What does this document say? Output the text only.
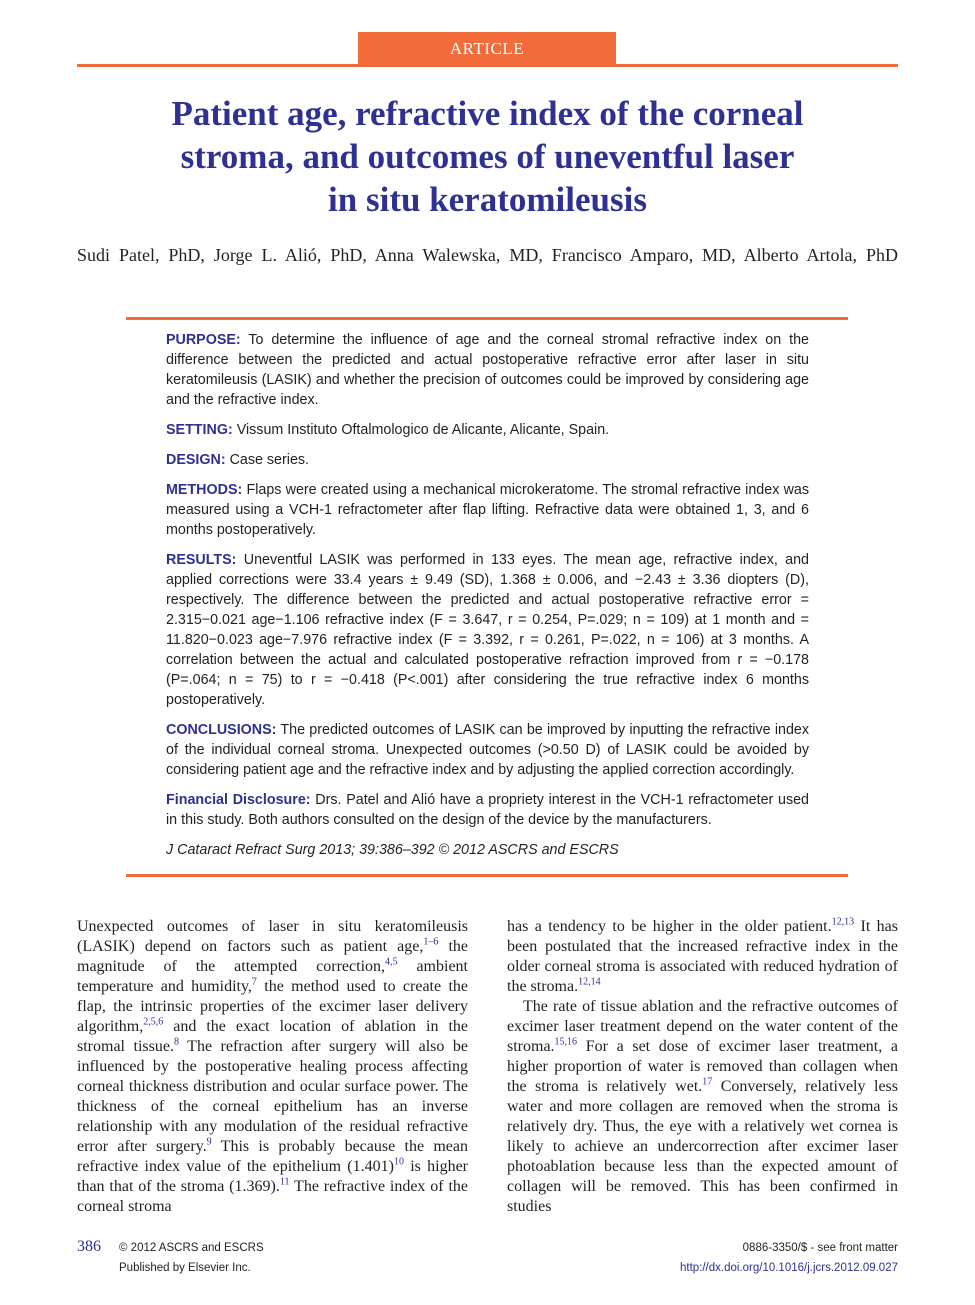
ARTICLE
Patient age, refractive index of the corneal
stroma, and outcomes of uneventful laser
in situ keratomileusis
Sudi Patel, PhD, Jorge L. Alió, PhD, Anna Walewska, MD, Francisco Amparo, MD, Alberto Artola, PhD

PURPOSE: To determine the influence of age and the corneal stromal refractive index on the difference between the predicted and actual postoperative refractive error after laser in situ keratomileusis (LASIK) and whether the precision of outcomes could be improved by considering age and the refractive index.

SETTING: Vissum Instituto Oftalmologico de Alicante, Alicante, Spain.

DESIGN: Case series.

METHODS: Flaps were created using a mechanical microkeratome. The stromal refractive index was measured using a VCH-1 refractometer after flap lifting. Refractive data were obtained 1, 3, and 6 months postoperatively.

RESULTS: Uneventful LASIK was performed in 133 eyes. The mean age, refractive index, and applied corrections were 33.4 years ± 9.49 (SD), 1.368 ± 0.006, and −2.43 ± 3.36 diopters (D), respectively. The difference between the predicted and actual postoperative refractive error = 2.315−0.021 age−1.106 refractive index (F = 3.647, r = 0.254, P=.029; n = 109) at 1 month and = 11.820−0.023 age−7.976 refractive index (F = 3.392, r = 0.261, P=.022, n = 106) at 3 months. A correlation between the actual and calculated postoperative refraction improved from r = −0.178 (P=.064; n = 75) to r = −0.418 (P<.001) after considering the true refractive index 6 months postoperatively.

CONCLUSIONS: The predicted outcomes of LASIK can be improved by inputting the refractive index of the individual corneal stroma. Unexpected outcomes (>0.50 D) of LASIK could be avoided by considering patient age and the refractive index and by adjusting the applied correction accordingly.

Financial Disclosure: Drs. Patel and Alió have a propriety interest in the VCH-1 refractometer used in this study. Both authors consulted on the design of the device by the manufacturers.

J Cataract Refract Surg 2013; 39:386–392 © 2012 ASCRS and ESCRS

Unexpected outcomes of laser in situ keratomileusis (LASIK) depend on factors such as patient age,$^{1-6}$ the magnitude of the attempted correction,$^{4,5}$ ambient temperature and humidity,$^7$ the method used to create the flap, the intrinsic properties of the excimer laser delivery algorithm,$^{2,5,6}$ and the exact location of ablation in the stromal tissue.$^8$ The refraction after surgery will also be influenced by the postoperative healing process affecting corneal thickness distribution and ocular surface power. The thickness of the corneal epithelium has an inverse relationship with any modulation of the residual refractive error after surgery.$^9$ This is probably because the mean refractive index value of the epithelium $(1.401)^{10}$ is higher than that of the stroma (1.369).$^{11}$ The refractive index of the corneal stroma

has a tendency to be higher in the older patient.$^{12,13}$ It has been postulated that the increased refractive index in the older corneal stroma is associated with reduced hydration of the stroma.$^{12,14}$

The rate of tissue ablation and the refractive outcomes of excimer laser treatment depend on the water content of the stroma.$^{15,16}$ For a set dose of excimer laser treatment, a higher proportion of water is removed than collagen when the stroma is relatively wet.$^{17}$ Conversely, relatively less water and more collagen are removed when the stroma is relatively dry. Thus, the eye with a relatively wet cornea is likely to achieve an undercorrection after excimer laser photoablation because less than the expected amount of collagen will be removed. This has been confirmed in studies

386 © 2012 ASCRS and ESCRS
Published by Elsevier Inc.
0886-3350/$ - see front matter
http://dx.doi.org/10.1016/j.jcrs.2012.09.027
